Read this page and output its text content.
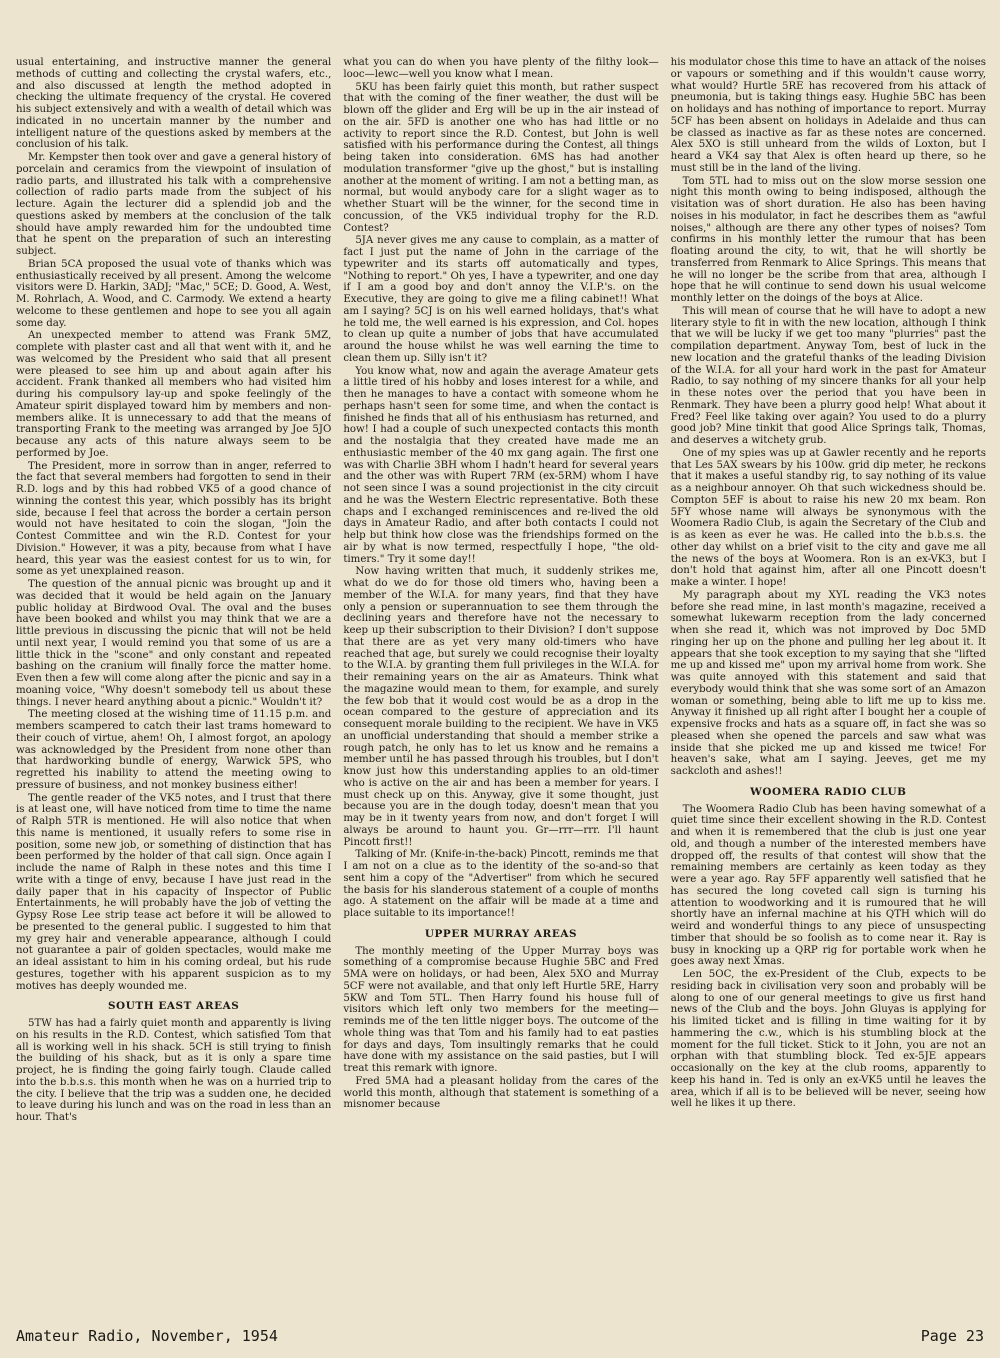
usual entertaining, and instructive manner the general methods of cutting and collecting the crystal wafers, etc., and also discussed at length the method adopted in checking the ultimate frequency of the crystal. He covered his subject extensively and with a wealth of detail which was indicated in no uncertain manner by the number and intelligent nature of the questions asked by members at the conclusion of his talk.

Mr. Kempster then took over and gave a general history of porcelain and ceramics from the viewpoint of insulation of radio parts, and illustrated his talk with a comprehensive collection of radio parts made from the subject of his lecture. Again the lecturer did a splendid job and the questions asked by members at the conclusion of the talk should have amply rewarded him for the undoubted time that he spent on the preparation of such an interesting subject.

Brian 5CA proposed the usual vote of thanks which was enthusiastically received by all present. Among the welcome visitors were D. Harkin, 3ADJ; "Mac," 5CE; D. Good, A. West, M. Rohrlach, A. Wood, and C. Carmody. We extend a hearty welcome to these gentlemen and hope to see you all again some day.

An unexpected member to attend was Frank 5MZ, complete with plaster cast and all that went with it, and he was welcomed by the President who said that all present were pleased to see him up and about again after his accident. Frank thanked all members who had visited him during his compulsory lay-up and spoke feelingly of the Amateur spirit displayed toward him by members and non-members alike. It is unnecessary to add that the means of transporting Frank to the meeting was arranged by Joe 5JO because any acts of this nature always seem to be performed by Joe.

The President, more in sorrow than in anger, referred to the fact that several members had forgotten to send in their R.D. logs and by this had robbed VK5 of a good chance of winning the contest this year, which possibly has its bright side, because I feel that across the border a certain person would not have hesitated to coin the slogan, "Join the Contest Committee and win the R.D. Contest for your Division." However, it was a pity, because from what I have heard, this year was the easiest contest for us to win, for some as yet unexplained reason.

The question of the annual picnic was brought up and it was decided that it would be held again on the January public holiday at Birdwood Oval. The oval and the buses have been booked and whilst you may think that we are a little previous in discussing the picnic that will not be held until next year, I would remind you that some of us are a little thick in the "scone" and only constant and repeated bashing on the cranium will finally force the matter home. Even then a few will come along after the picnic and say in a moaning voice, "Why doesn't somebody tell us about these things. I never heard anything about a picnic." Wouldn't it?

The meeting closed at the wishing time of 11.15 p.m. and members scampered to catch their last trams homeward to their couch of virtue, ahem! Oh, I almost forgot, an apology was acknowledged by the President from none other than that hardworking bundle of energy, Warwick 5PS, who regretted his inability to attend the meeting owing to pressure of business, and not monkey business either!

The gentle reader of the VK5 notes, and I trust that there is at least one, will have noticed from time to time the name of Ralph 5TR is mentioned. He will also notice that when this name is mentioned, it usually refers to some rise in position, some new job, or something of distinction that has been performed by the holder of that call sign. Once again I include the name of Ralph in these notes and this time I write with a tinge of envy, because I have just read in the daily paper that in his capacity of Inspector of Public Entertainments, he will probably have the job of vetting the Gypsy Rose Lee strip tease act before it will be allowed to be presented to the general public. I suggested to him that my grey hair and venerable appearance, although I could not guarantee a pair of golden spectacles, would make me an ideal assistant to him in his coming ordeal, but his rude gestures, together with his apparent suspicion as to my motives has deeply wounded me.

SOUTH EAST AREAS

5TW has had a fairly quiet month and apparently is living on his results in the R.D. Contest, which satisfied Tom that all is working well in his shack. 5CH is still trying to finish the building of his shack, but as it is only a spare time project, he is finding the going fairly tough. Claude called into the b.b.s.s. this month when he was on a hurried trip to the city. I believe that the trip was a sudden one, he decided to leave during his lunch and was on the road in less than an hour. That's

what you can do when you have plenty of the filthy look—looc—lewc—well you know what I mean.

5KU has been fairly quiet this month, but rather suspect that with the coming of the finer weather, the dust will be blown off the glider and Erg will be up in the air instead of on the air. 5FD is another one who has had little or no activity to report since the R.D. Contest, but John is well satisfied with his performance during the Contest, all things being taken into consideration. 6MS has had another modulation transformer "give up the ghost," but is installing another at the moment of writing. I am not a betting man, as normal, but would anybody care for a slight wager as to whether Stuart will be the winner, for the second time in concussion, of the VK5 individual trophy for the R.D. Contest?

5JA never gives me any cause to complain, as a matter of fact I just put the name of John in the carriage of the typewriter and its starts off automatically and types, "Nothing to report." Oh yes, I have a typewriter, and one day if I am a good boy and don't annoy the V.I.P.'s. on the Executive, they are going to give me a filing cabinet!! What am I saying? 5CJ is on his well earned holidays, that's what he told me, the well earned is his expression, and Col. hopes to clean up quite a number of jobs that have accumulated around the house whilst he was well earning the time to clean them up. Silly isn't it?

You know what, now and again the average Amateur gets a little tired of his hobby and loses interest for a while, and then he manages to have a contact with someone whom he perhaps hasn't seen for some time, and when the contact is finished he finds that all of his enthusiasm has returned, and how! I had a couple of such unexpected contacts this month and the nostalgia that they created have made me an enthusiastic member of the 40 mx gang again. The first one was with Charlie 3BH whom I hadn't heard for several years and the other was with Rupert 7RM (ex-5RM) whom I have not seen since I was a sound projectionist in the city circuit and he was the Western Electric representative. Both these chaps and I exchanged reminiscences and re-lived the old days in Amateur Radio, and after both contacts I could not help but think how close was the friendships formed on the air by what is now termed, respectfully I hope, "the old-timers." Try it some day!!

Now having written that much, it suddenly strikes me, what do we do for those old timers who, having been a member of the W.I.A. for many years, find that they have only a pension or superannuation to see them through the declining years and therefore have not the necessary to keep up their subscription to their Division? I don't suppose that there are as yet very many old-timers who have reached that age, but surely we could recognise their loyalty to the W.I.A. by granting them full privileges in the W.I.A. for their remaining years on the air as Amateurs. Think what the magazine would mean to them, for example, and surely the few bob that it would cost would be as a drop in the ocean compared to the gesture of appreciation and its consequent morale building to the recipient. We have in VK5 an unofficial understanding that should a member strike a rough patch, he only has to let us know and he remains a member until he has passed through his troubles, but I don't know just how this understanding applies to an old-timer who is active on the air and has been a member for years. I must check up on this. Anyway, give it some thought, just because you are in the dough today, doesn't mean that you may be in it twenty years from now, and don't forget I will always be around to haunt you. Gr—rrr—rrr. I'll haunt Pincott first!!

Talking of Mr. (Knife-in-the-back) Pincott, reminds me that I am not on a clue as to the identity of the so-and-so that sent him a copy of the "Advertiser" from which he secured the basis for his slanderous statement of a couple of months ago. A statement on the affair will be made at a time and place suitable to its importance!!

UPPER MURRAY AREAS

The monthly meeting of the Upper Murray boys was something of a compromise because Hughie 5BC and Fred 5MA were on holidays, or had been, Alex 5XO and Murray 5CF were not available, and that only left Hurtle 5RE, Harry 5KW and Tom 5TL. Then Harry found his house full of visitors which left only two members for the meeting—reminds me of the ten little nigger boys. The outcome of the whole thing was that Tom and his family had to eat pasties for days and days, Tom insultingly remarks that he could have done with my assistance on the said pasties, but I will treat this remark with ignore.

Fred 5MA had a pleasant holiday from the cares of the world this month, although that statement is something of a misnomer because

his modulator chose this time to have an attack of the noises or vapours or something and if this wouldn't cause worry, what would? Hurtle 5RE has recovered from his attack of pneumonia, but is taking things easy. Hughie 5BC has been on holidays and has nothing of importance to report. Murray 5CF has been absent on holidays in Adelaide and thus can be classed as inactive as far as these notes are concerned. Alex 5XO is still unheard from the wilds of Loxton, but I heard a VK4 say that Alex is often heard up there, so he must still be in the land of the living.

Tom 5TL had to miss out on the slow morse session one night this month owing to being indisposed, although the visitation was of short duration. He also has been having noises in his modulator, in fact he describes them as "awful noises," although are there any other types of noises? Tom confirms in his monthly letter the rumour that has been floating around the city, to wit, that he will shortly be transferred from Renmark to Alice Springs. This means that he will no longer be the scribe from that area, although I hope that he will continue to send down his usual welcome monthly letter on the doings of the boys at Alice.

This will mean of course that he will have to adopt a new literary style to fit in with the new location, although I think that we will be lucky if we get too many "plurries" past the compilation department. Anyway Tom, best of luck in the new location and the grateful thanks of the leading Division of the W.I.A. for all your hard work in the past for Amateur Radio, to say nothing of my sincere thanks for all your help in these notes over the period that you have been in Renmark. They have been a plurry good help! What about it Fred? Feel like taking over again? You used to do a plurry good job? Mine tinkit that good Alice Springs talk, Thomas, and deserves a witchety grub.

One of my spies was up at Gawler recently and he reports that Les 5AX swears by his 100w. grid dip meter, he reckons that it makes a useful standby rig, to say nothing of its value as a neighbour annoyer. Oh that such wickedness should be. Compton 5EF is about to raise his new 20 mx beam. Ron 5FY whose name will always be synonymous with the Woomera Radio Club, is again the Secretary of the Club and is as keen as ever he was. He called into the b.b.s.s. the other day whilst on a brief visit to the city and gave me all the news of the boys at Woomera. Ron is an ex-VK3, but I don't hold that against him, after all one Pincott doesn't make a winter. I hope!

My paragraph about my XYL reading the VK3 notes before she read mine, in last month's magazine, received a somewhat lukewarm reception from the lady concerned when she read it, which was not improved by Doc 5MD ringing her up on the phone and pulling her leg about it. It appears that she took exception to my saying that she "lifted me up and kissed me" upon my arrival home from work. She was quite annoyed with this statement and said that everybody would think that she was some sort of an Amazon woman or something, being able to lift me up to kiss me. Anyway it finished up all right after I bought her a couple of expensive frocks and hats as a square off, in fact she was so pleased when she opened the parcels and saw what was inside that she picked me up and kissed me twice! For heaven's sake, what am I saying. Jeeves, get me my sackcloth and ashes!!

WOOMERA RADIO CLUB

The Woomera Radio Club has been having somewhat of a quiet time since their excellent showing in the R.D. Contest and when it is remembered that the club is just one year old, and though a number of the interested members have dropped off, the results of that contest will show that the remaining members are certainly as keen today as they were a year ago. Ray 5FF apparently well satisfied that he has secured the long coveted call sign is turning his attention to woodworking and it is rumoured that he will shortly have an infernal machine at his QTH which will do weird and wonderful things to any piece of unsuspecting timber that should be so foolish as to come near it. Ray is busy in knocking up a QRP rig for portable work when he goes away next Xmas.

Len 5OC, the ex-President of the Club, expects to be residing back in civilisation very soon and probably will be along to one of our general meetings to give us first hand news of the Club and the boys. John Gluyas is applying for his limited ticket and is filling in time waiting for it by hammering the c.w., which is his stumbling block at the moment for the full ticket. Stick to it John, you are not an orphan with that stumbling block. Ted ex-5JE appears occasionally on the key at the club rooms, apparently to keep his hand in. Ted is only an ex-VK5 until he leaves the area, which if all is to be believed will be never, seeing how well he likes it up there.

Amateur Radio, November, 1954	Page 23
